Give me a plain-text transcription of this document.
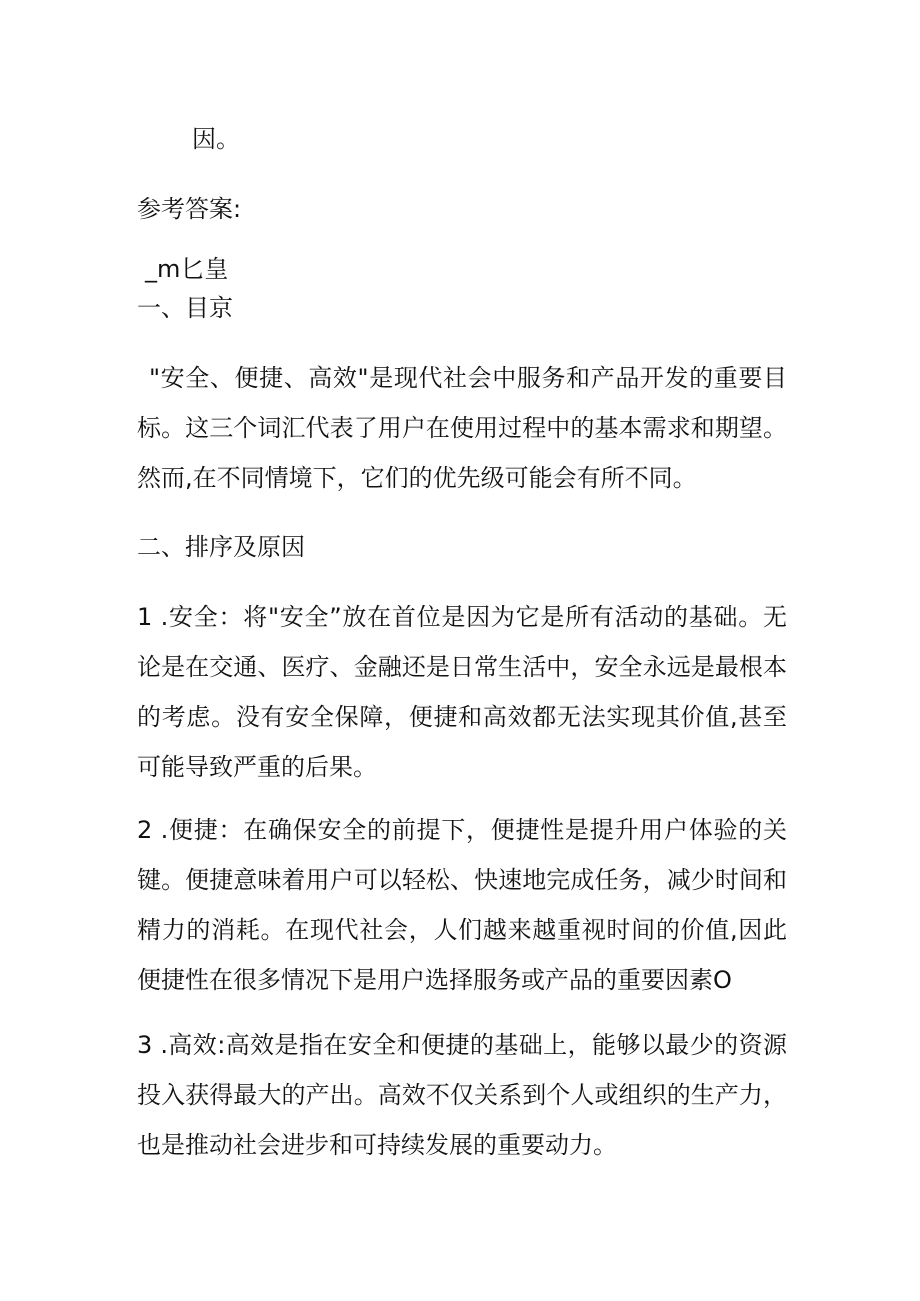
因。
参考答案:
_m匕皇
一、目京
"安全、便捷、高效"是现代社会中服务和产品开发的重要目标。这三个词汇代表了用户在使用过程中的基本需求和期望。然而,在不同情境下，它们的优先级可能会有所不同。
二、排序及原因
1 .安全：将"安全”放在首位是因为它是所有活动的基础。无论是在交通、医疗、金融还是日常生活中，安全永远是最根本的考虑。没有安全保障，便捷和高效都无法实现其价值,甚至可能导致严重的后果。
2 .便捷：在确保安全的前提下，便捷性是提升用户体验的关键。便捷意味着用户可以轻松、快速地完成任务，减少时间和精力的消耗。在现代社会，人们越来越重视时间的价值,因此便捷性在很多情况下是用户选择服务或产品的重要因素O
3 .高效:高效是指在安全和便捷的基础上，能够以最少的资源投入获得最大的产出。高效不仅关系到个人或组织的生产力，也是推动社会进步和可持续发展的重要动力。
